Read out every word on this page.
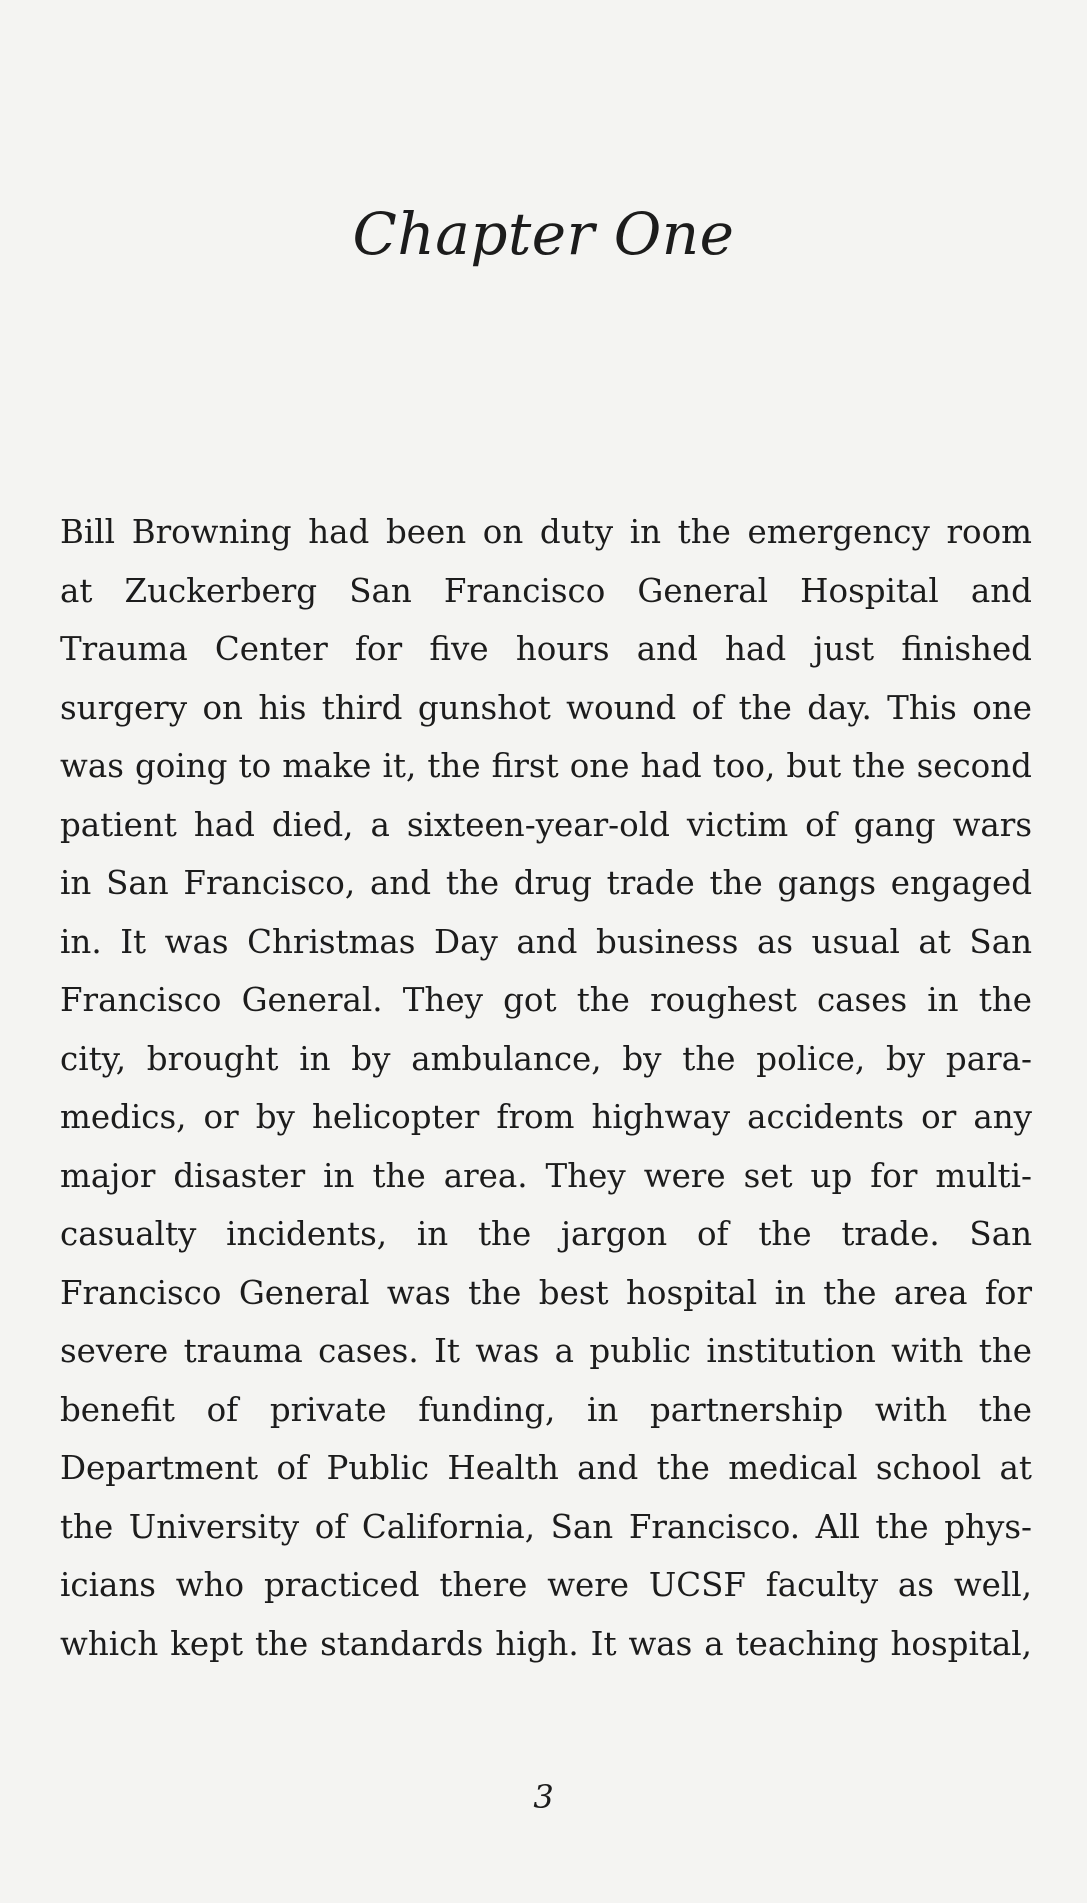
Chapter One
Bill Browning had been on duty in the emergency room
at Zuckerberg San Francisco General Hospital and
Trauma Center for five hours and had just finished
surgery on his third gunshot wound of the day. This one
was going to make it, the first one had too, but the second
patient had died, a sixteen-year-old victim of gang wars
in San Francisco, and the drug trade the gangs engaged
in. It was Christmas Day and business as usual at San
Francisco General. They got the roughest cases in the
city, brought in by ambulance, by the police, by para-
medics, or by helicopter from highway accidents or any
major disaster in the area. They were set up for multi-
casualty incidents, in the jargon of the trade. San
Francisco General was the best hospital in the area for
severe trauma cases. It was a public institution with the
benefit of private funding, in partnership with the
Department of Public Health and the medical school at
the University of California, San Francisco. All the phys-
icians who practiced there were UCSF faculty as well,
which kept the standards high. It was a teaching hospital,
3
